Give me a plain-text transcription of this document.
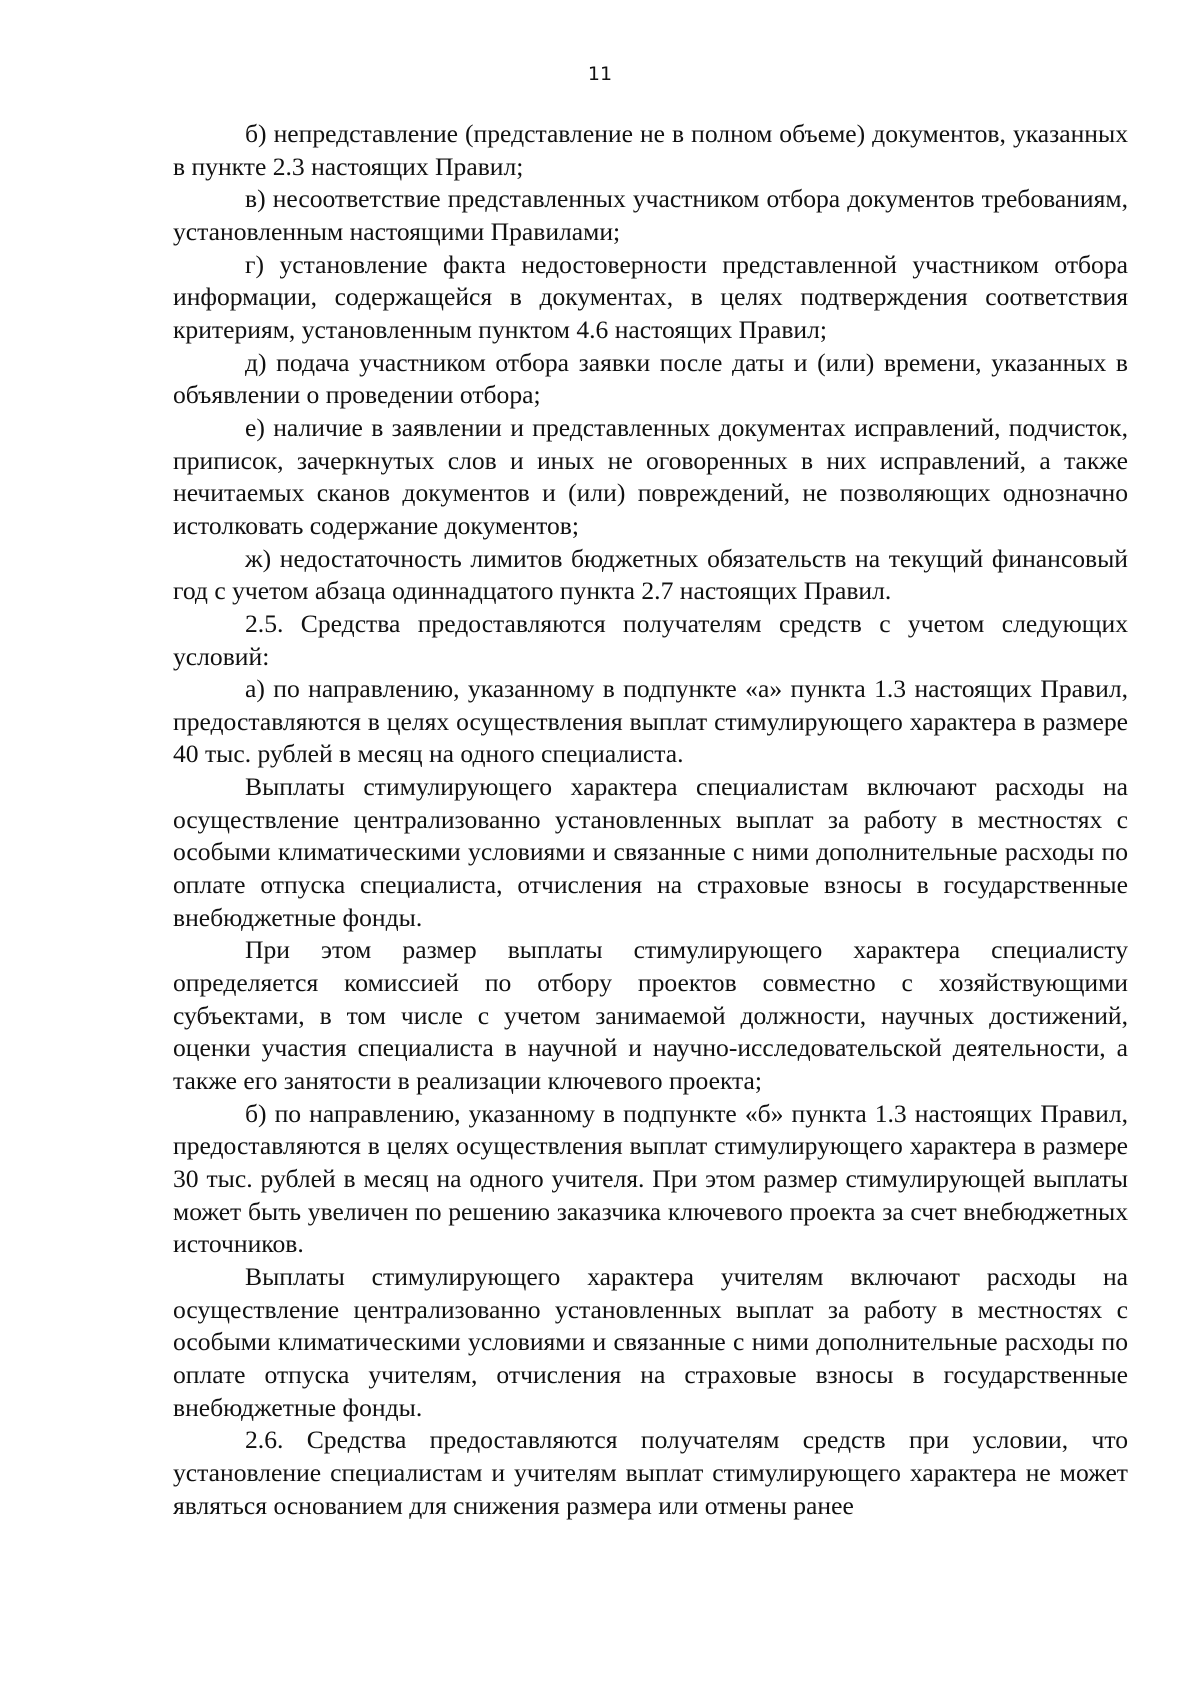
11

б) непредставление (представление не в полном объеме) документов, указанных в пункте 2.3 настоящих Правил;

в) несоответствие представленных участником отбора документов требованиям, установленным настоящими Правилами;

г) установление факта недостоверности представленной участником отбора информации, содержащейся в документах, в целях подтверждения соответствия критериям, установленным пунктом 4.6 настоящих Правил;

д) подача участником отбора заявки после даты и (или) времени, указанных в объявлении о проведении отбора;

е) наличие в заявлении и представленных документах исправлений, подчисток, приписок, зачеркнутых слов и иных не оговоренных в них исправлений, а также нечитаемых сканов документов и (или) повреждений, не позволяющих однозначно истолковать содержание документов;

ж) недостаточность лимитов бюджетных обязательств на текущий финансовый год с учетом абзаца одиннадцатого пункта 2.7 настоящих Правил.

2.5. Средства предоставляются получателям средств с учетом следующих условий:

а) по направлению, указанному в подпункте «а» пункта 1.3 настоящих Правил, предоставляются в целях осуществления выплат стимулирующего характера в размере 40 тыс. рублей в месяц на одного специалиста.

Выплаты стимулирующего характера специалистам включают расходы на осуществление централизованно установленных выплат за работу в местностях с особыми климатическими условиями и связанные с ними дополнительные расходы по оплате отпуска специалиста, отчисления на страховые взносы в государственные внебюджетные фонды.

При этом размер выплаты стимулирующего характера специалисту определяется комиссией по отбору проектов совместно с хозяйствующими субъектами, в том числе с учетом занимаемой должности, научных достижений, оценки участия специалиста в научной и научно-исследовательской деятельности, а также его занятости в реализации ключевого проекта;

б) по направлению, указанному в подпункте «б» пункта 1.3 настоящих Правил, предоставляются в целях осуществления выплат стимулирующего характера в размере 30 тыс. рублей в месяц на одного учителя. При этом размер стимулирующей выплаты может быть увеличен по решению заказчика ключевого проекта за счет внебюджетных источников.

Выплаты стимулирующего характера учителям включают расходы на осуществление централизованно установленных выплат за работу в местностях с особыми климатическими условиями и связанные с ними дополнительные расходы по оплате отпуска учителям, отчисления на страховые взносы в государственные внебюджетные фонды.

2.6. Средства предоставляются получателям средств при условии, что установление специалистам и учителям выплат стимулирующего характера не может являться основанием для снижения размера или отмены ранее
